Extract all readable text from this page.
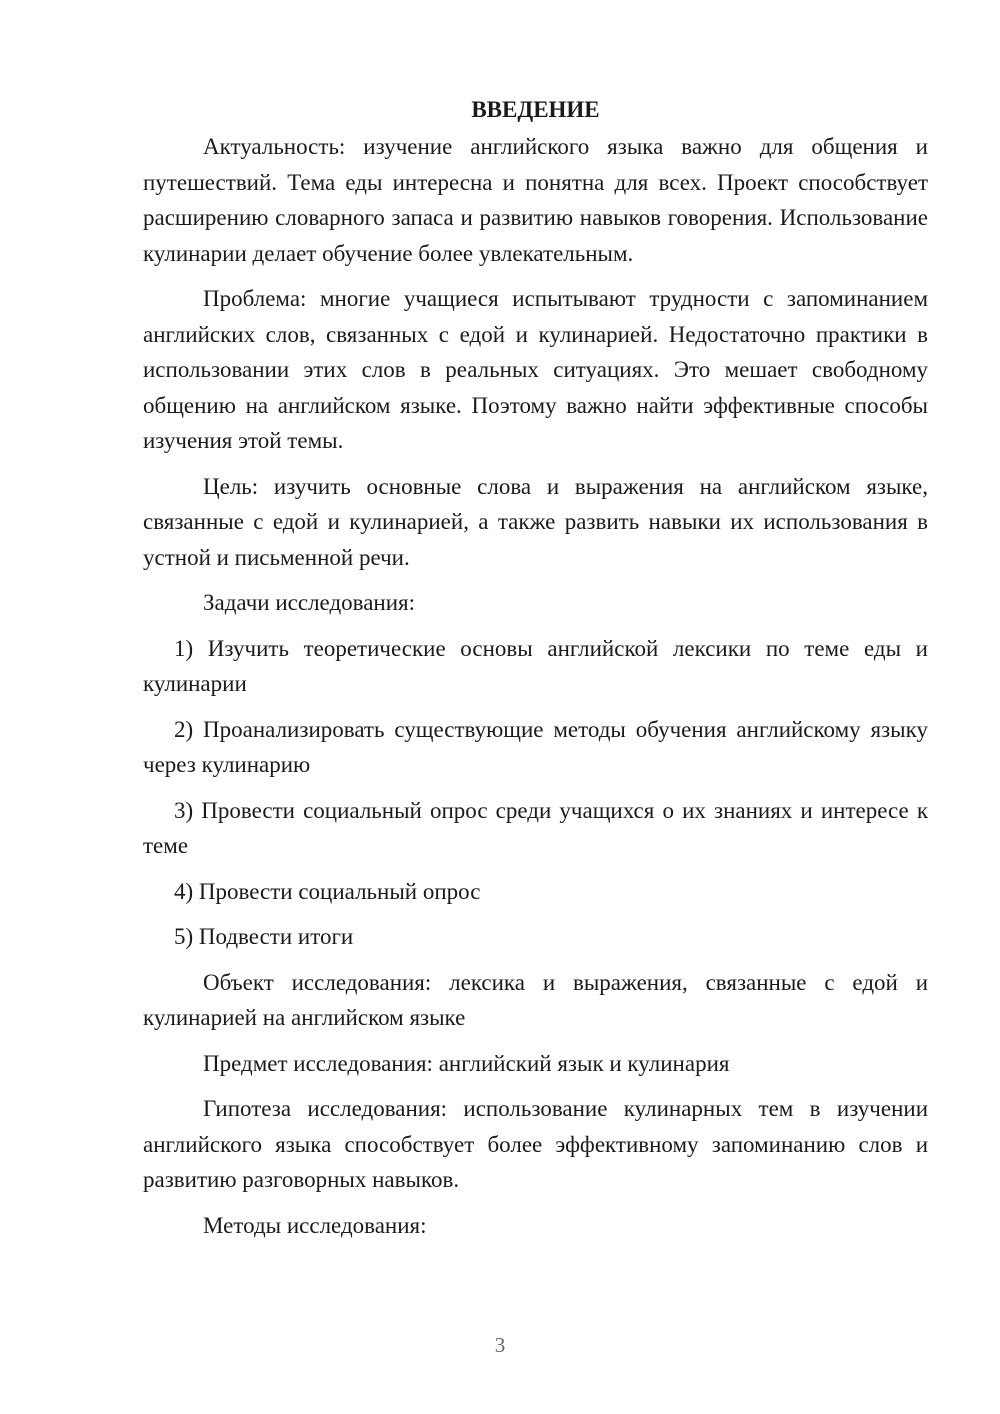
ВВЕДЕНИЕ

Актуальность: изучение английского языка важно для общения и путешествий. Тема еды интересна и понятна для всех. Проект способствует расширению словарного запаса и развитию навыков говорения. Использование кулинарии делает обучение более увлекательным.

Проблема: многие учащиеся испытывают трудности с запоминанием английских слов, связанных с едой и кулинарией. Недостаточно практики в использовании этих слов в реальных ситуациях. Это мешает свободному общению на английском языке. Поэтому важно найти эффективные способы изучения этой темы.

Цель: изучить основные слова и выражения на английском языке, связанные с едой и кулинарией, а также развить навыки их использования в устной и письменной речи.

Задачи исследования:

1) Изучить теоретические основы английской лексики по теме еды и кулинарии

2) Проанализировать существующие методы обучения английскому языку через кулинарию

3) Провести социальный опрос среди учащихся о их знаниях и интересе к теме

4) Провести социальный опрос

5) Подвести итоги

Объект исследования: лексика и выражения, связанные с едой и кулинарией на английском языке

Предмет исследования: английский язык и кулинария

Гипотеза исследования: использование кулинарных тем в изучении английского языка способствует более эффективному запоминанию слов и развитию разговорных навыков.

Методы исследования:

3
